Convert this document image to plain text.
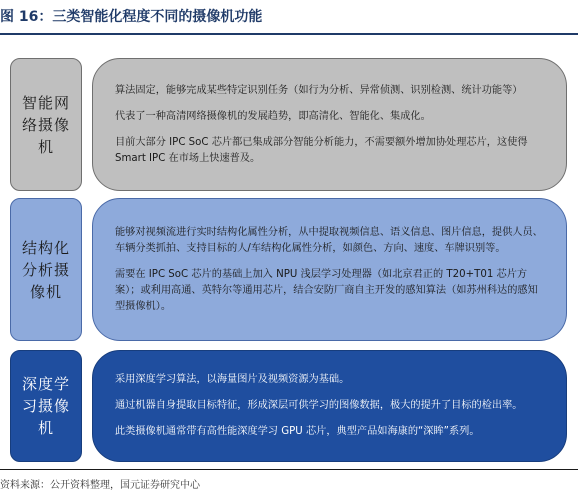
图 16：三类智能化程度不同的摄像机功能
智能网
络摄像
机

算法固定，能够完成某些特定识别任务（如行为分析、异常侦测、识别检测、统计功能等）

代表了一种高清网络摄像机的发展趋势，即高清化、智能化、集成化。

目前大部分 IPC SoC 芯片都已集成部分智能分析能力，不需要额外增加协处理芯片，这使得 Smart IPC 在市场上快速普及。

结构化
分析摄
像机

能够对视频流进行实时结构化属性分析，从中提取视频信息、语义信息、图片信息，提供人员、车辆分类抓拍、支持目标的人/车结构化属性分析，如颜色、方向、速度、车牌识别等。

需要在 IPC SoC 芯片的基础上加入 NPU 浅层学习处理器（如北京君正的 T20+T01 芯片方案）；或利用高通、英特尔等通用芯片，结合安防厂商自主开发的感知算法（如苏州科达的感知型摄像机）。

深度学
习摄像
机

采用深度学习算法，以海量图片及视频资源为基础。

通过机器自身提取目标特征，形成深层可供学习的图像数据，极大的提升了目标的检出率。

此类摄像机通常带有高性能深度学习 GPU 芯片，典型产品如海康的“深眸”系列。

资料来源：公开资料整理，国元证券研究中心
